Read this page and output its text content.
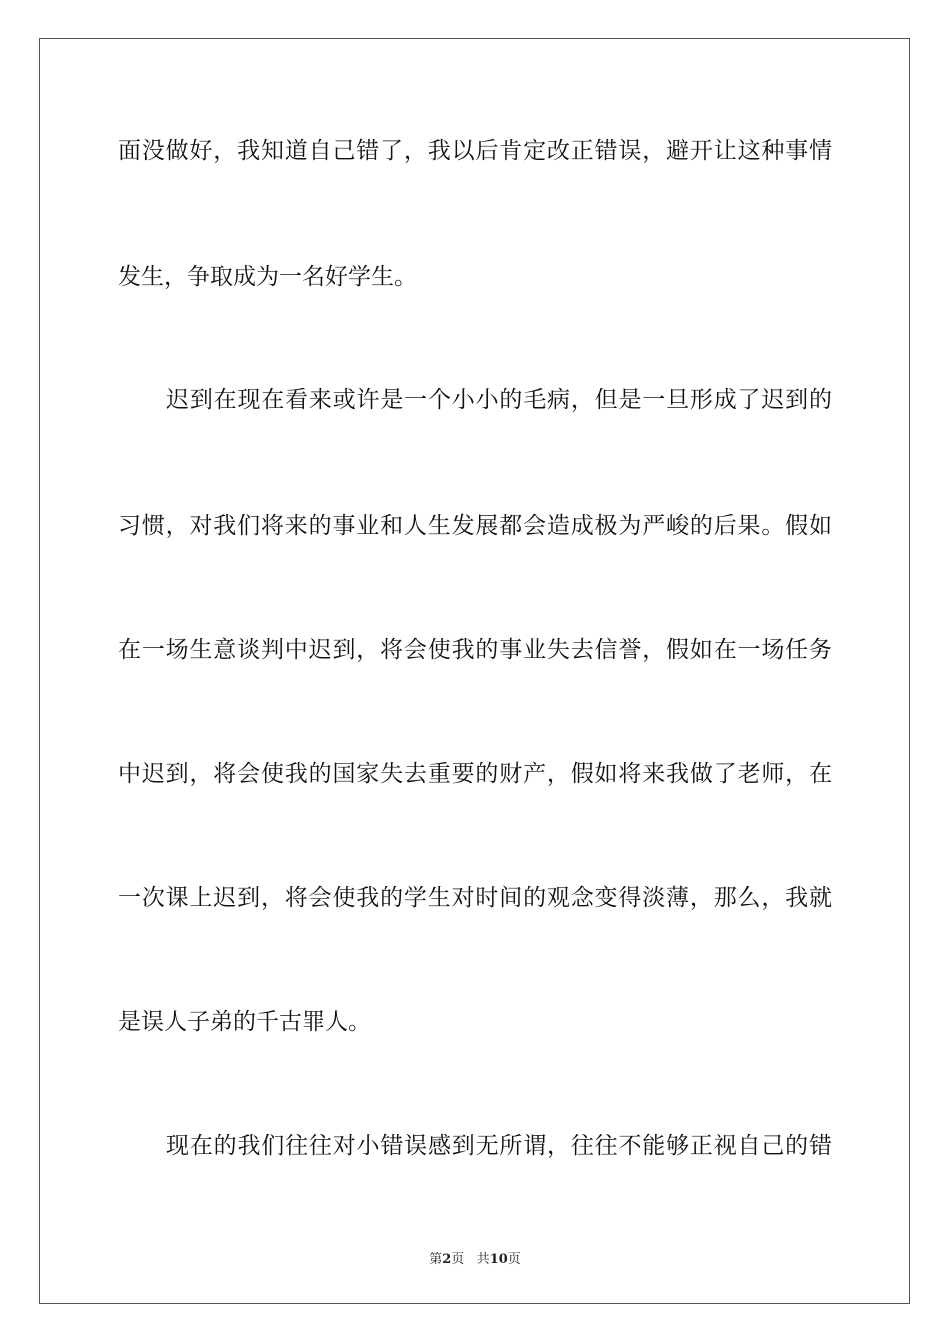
面没做好，我知道自己错了，我以后肯定改正错误，避开让这种事情
发生，争取成为一名好学生。
迟到在现在看来或许是一个小小的毛病，但是一旦形成了迟到的
习惯，对我们将来的事业和人生发展都会造成极为严峻的后果。假如
在一场生意谈判中迟到，将会使我的事业失去信誉，假如在一场任务
中迟到，将会使我的国家失去重要的财产，假如将来我做了老师，在
一次课上迟到，将会使我的学生对时间的观念变得淡薄，那么，我就
是误人子弟的千古罪人。
现在的我们往往对小错误感到无所谓，往往不能够正视自己的错
第2页 共10页
